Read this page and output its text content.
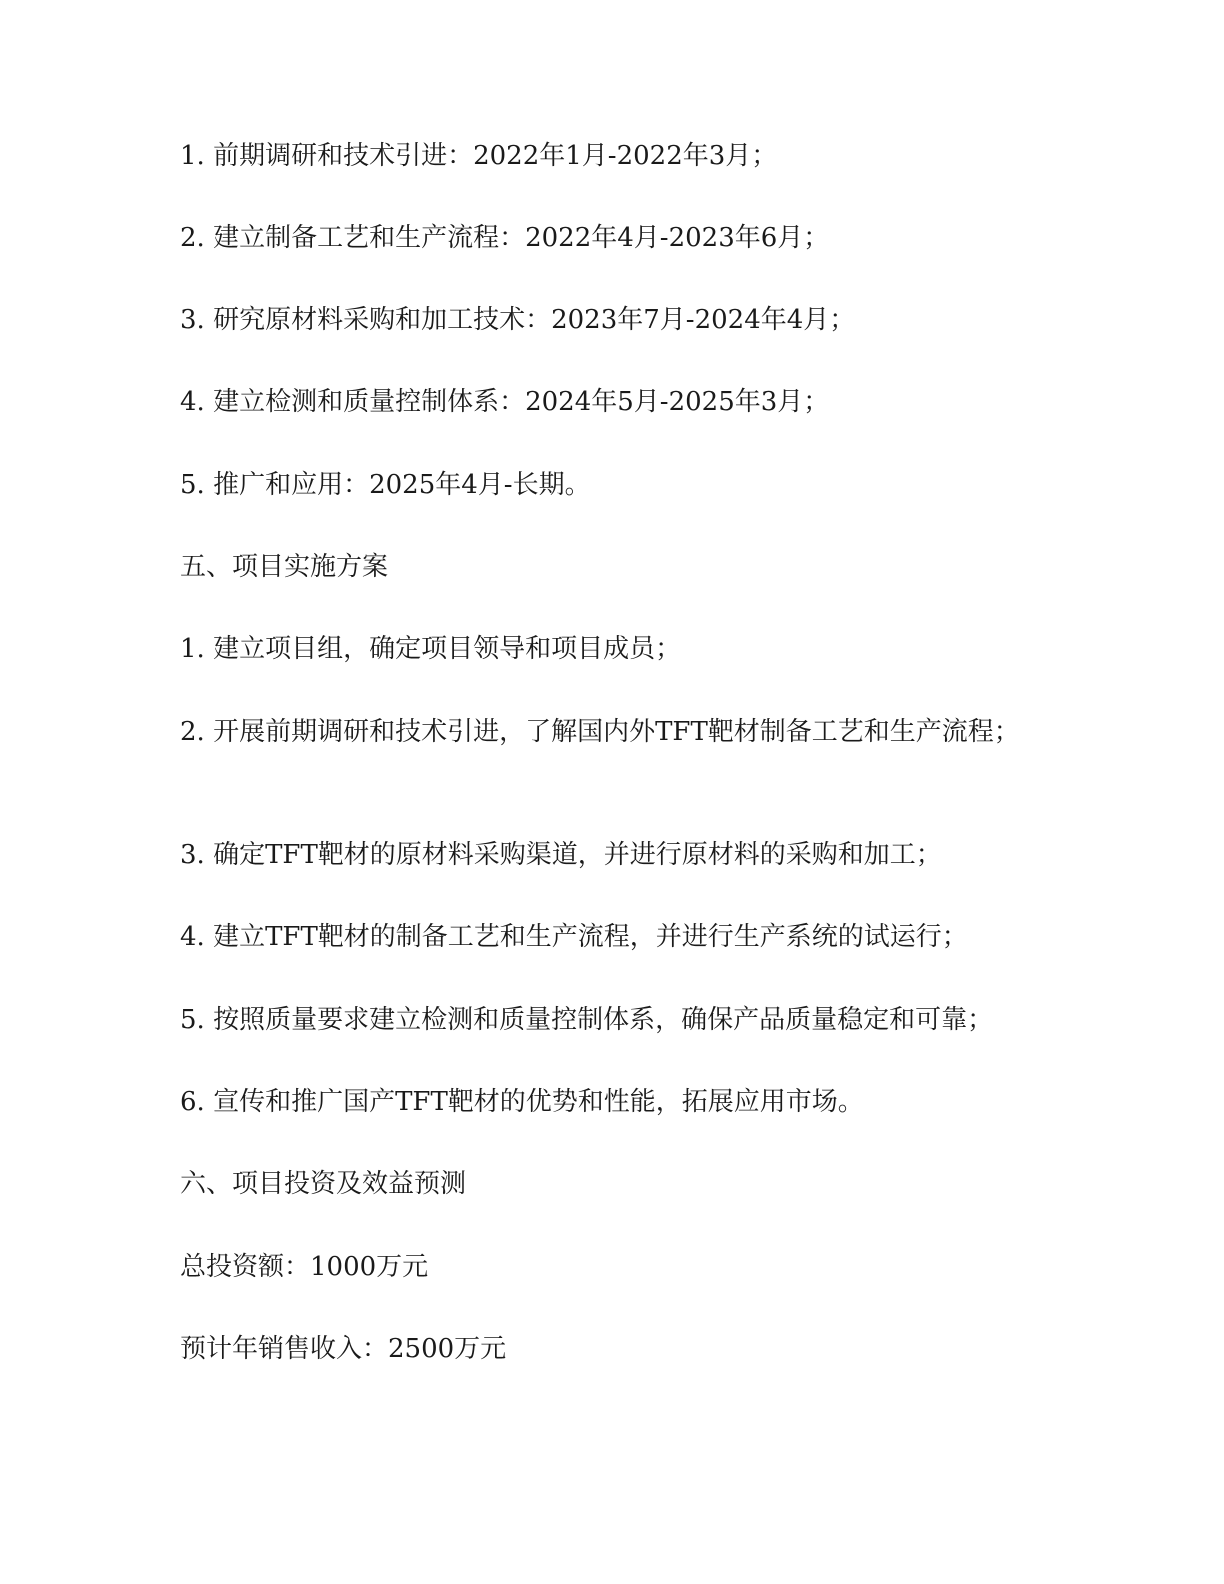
1. 前期调研和技术引进：2022年1月-2022年3月；

2. 建立制备工艺和生产流程：2022年4月-2023年6月；

3. 研究原材料采购和加工技术：2023年7月-2024年4月；

4. 建立检测和质量控制体系：2024年5月-2025年3月；

5. 推广和应用：2025年4月-长期。

五、项目实施方案

1. 建立项目组，确定项目领导和项目成员；

2. 开展前期调研和技术引进，了解国内外TFT靶材制备工艺和生产流程；

3. 确定TFT靶材的原材料采购渠道，并进行原材料的采购和加工；

4. 建立TFT靶材的制备工艺和生产流程，并进行生产系统的试运行；

5. 按照质量要求建立检测和质量控制体系，确保产品质量稳定和可靠；

6. 宣传和推广国产TFT靶材的优势和性能，拓展应用市场。

六、项目投资及效益预测

总投资额：1000万元

预计年销售收入：2500万元
